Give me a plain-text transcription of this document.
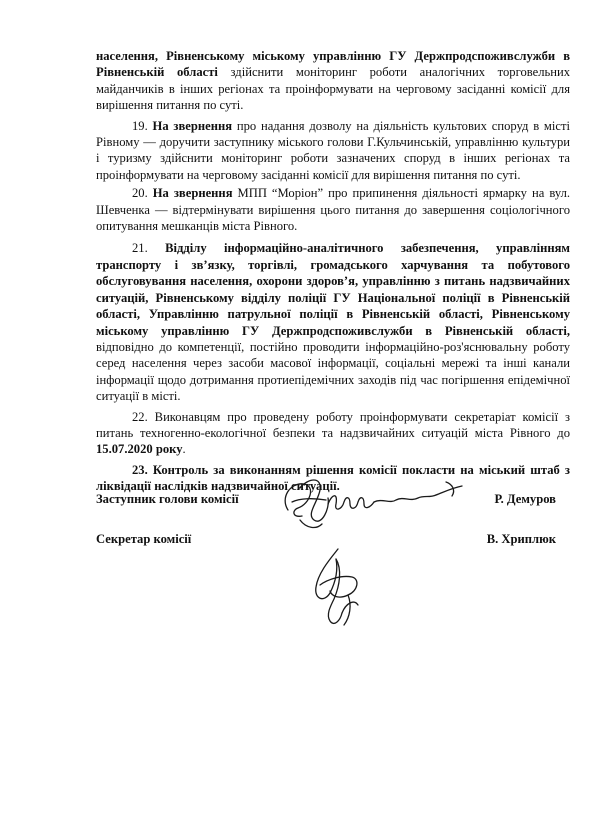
населення, Рівненському міському управлінню ГУ Держпродспоживслужби в Рівненській області здійснити моніторинг роботи аналогічних торговельних майданчиків в інших регіонах та проінформувати на черговому засіданні комісії для вирішення питання по суті.

19. На звернення про надання дозволу на діяльність культових споруд в місті Рівному — доручити заступнику міського голови Г.Кульчинській, управлінню культури і туризму здійснити моніторинг роботи зазначених споруд в інших регіонах та проінформувати на черговому засіданні комісії для вирішення питання по суті.

20. На звернення МПП “Моріон” про припинення діяльності ярмарку на вул. Шевченка — відтермінувати вирішення цього питання до завершення соціологічного опитування мешканців міста Рівного.

21. Відділу інформаційно-аналітичного забезпечення, управлінням транспорту і зв’язку, торгівлі, громадського харчування та побутового обслуговування населення, охорони здоров’я, управлінню з питань надзвичайних ситуацій, Рівненському відділу поліції ГУ Національної поліції в Рівненській області, Управлінню патрульної поліції в Рівненській області, Рівненському міському управлінню ГУ Держпродспоживслужби в Рівненській області, відповідно до компетенції, постійно проводити інформаційно-роз'яснювальну роботу серед населення через засоби масової інформації, соціальні мережі та інші канали інформації щодо дотримання протиепідемічних заходів під час погіршення епідемічної ситуації в місті.

22. Виконавцям про проведену роботу проінформувати секретаріат комісії з питань техногенно-екологічної безпеки та надзвичайних ситуацій міста Рівного до 15.07.2020 року.

23. Контроль за виконанням рішення комісії покласти на міський штаб з ліквідації наслідків надзвичайної ситуації.

Заступник голови комісії	Р. Демуров
Секретар комісії	В. Хриплюк
